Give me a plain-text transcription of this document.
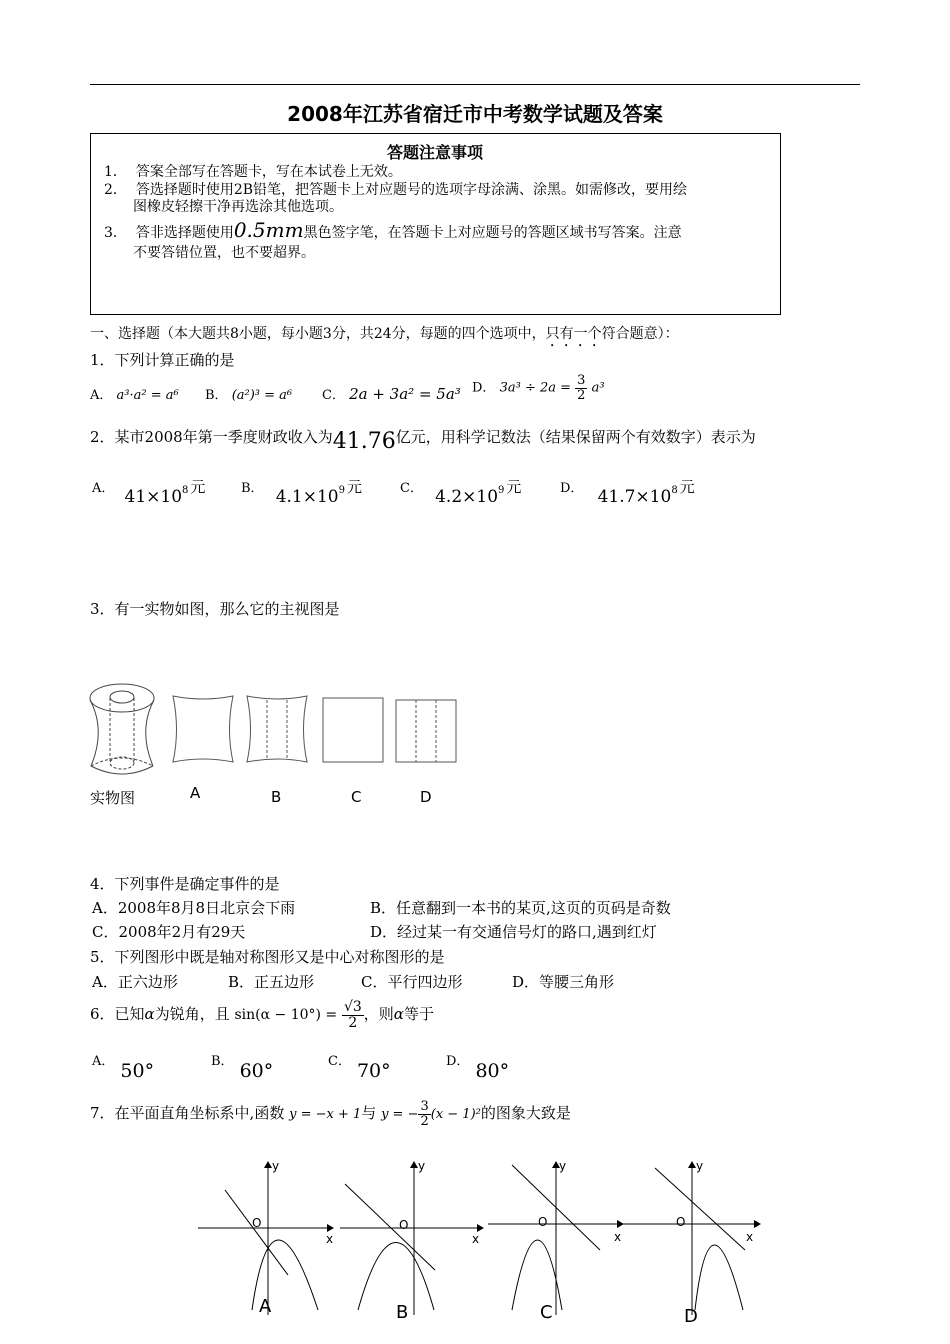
2008年江苏省宿迁市中考数学试题及答案
答题注意事项
1． 答案全部写在答题卡，写在本试卷上无效。
2． 答选择题时使用2B铅笔，把答题卡上对应题号的选项字母涂满、涂黑。如需修改，要用绘
图橡皮轻擦干净再选涂其他选项。
3． 答非选择题使用0.5mm黑色签字笔，在答题卡上对应题号的答题区域书写答案。注意
不要答错位置，也不要超界。
一、选择题（本大题共8小题，每小题3分，共24分，每题的四个选项中，只有一个符合题意）：
1．下列计算正确的是
A． a³·a² = a⁶ B． (a²)³ = a⁶ C． 2a + 3a² = 5a³ D． $3a^3 \div 2a = \frac{3}{2} a^3$
2．某市2008年第一季度财政收入为41.76亿元，用科学记数法（结果保留两个有效数字）表示为
A． $41\times 10^8$ 元	B． $4.1\times 10^9$ 元	C． $4.2\times 10^9$ 元	D． $41.7\times 10^8$ 元
3．有一实物如图，那么它的主视图是
实物图	A	B	C	D
4．下列事件是确定事件的是
A．2008年8月8日北京会下雨	B．任意翻到一本书的某页,这页的页码是奇数
C．2008年2月有29天	D．经过某一有交通信号灯的路口,遇到红灯
5．下列图形中既是轴对称图形又是中心对称图形的是
A．正六边形	B．正五边形	C．平行四边形	D．等腰三角形
6．已知α为锐角，且 $\sin(\alpha - 10^\circ) = \frac{√3}{2}$ ，则α等于
A． 50°	B． 60°	C． 70°	D． 80°
7．在平面直角坐标系中,函数 y = −x + 1与 y = − $\frac{3}{2} (x - 1)^2$的图象大致是
y
x
O
y
x
O
y
x
O
y
x
O
A	B	C	D
